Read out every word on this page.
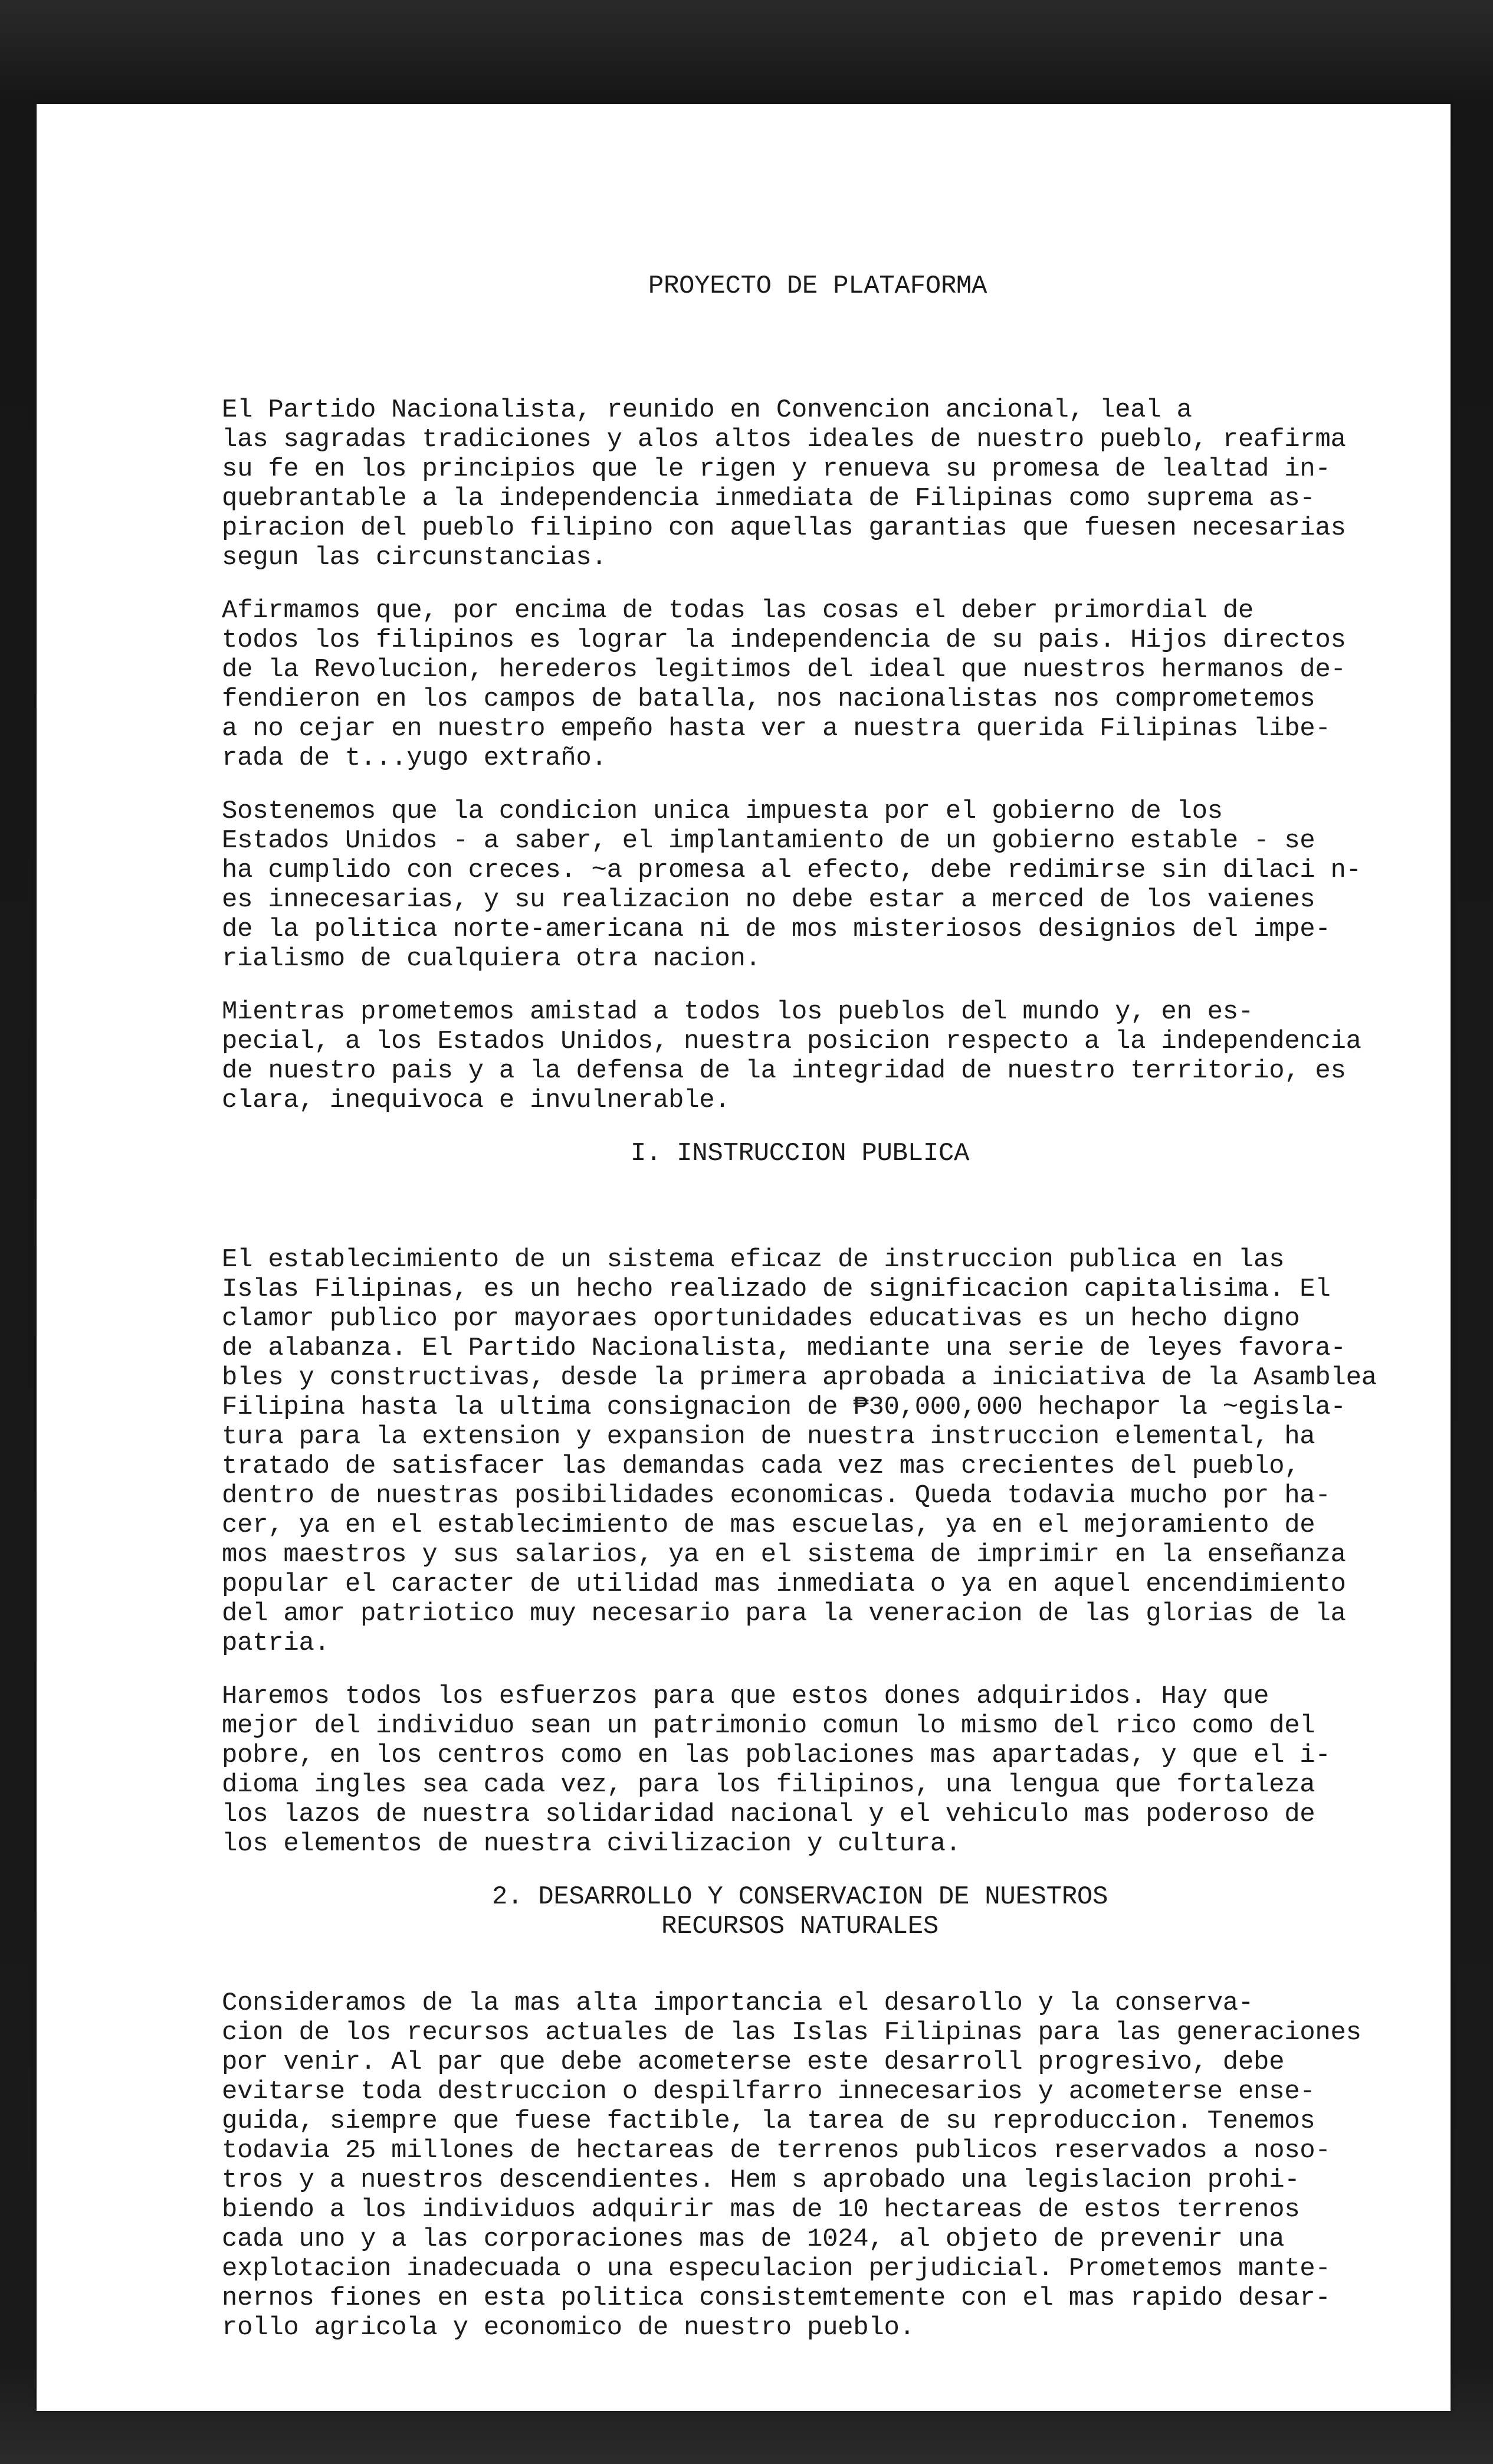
PROYECTO DE PLATAFORMA

El Partido Nacionalista, reunido en Convencion ancional, leal a
las sagradas tradiciones y alos altos ideales de nuestro pueblo, reafirma
su fe en los principios que le rigen y renueva su promesa de lealtad in-
quebrantable a la independencia inmediata de Filipinas como suprema as-
piracion del pueblo filipino con aquellas garantias que fuesen necesarias
segun las circunstancias.

Afirmamos que, por encima de todas las cosas el deber primordial de
todos los filipinos es lograr la independencia de su pais. Hijos directos
de la Revolucion, herederos legitimos del ideal que nuestros hermanos de-
fendieron en los campos de batalla, nos nacionalistas nos comprometemos
a no cejar en nuestro empeño hasta ver a nuestra querida Filipinas libe-
rada de t...yugo extraño.

Sostenemos que la condicion unica impuesta por el gobierno de los
Estados Unidos - a saber, el implantamiento de un gobierno estable - se
ha cumplido con creces. ~a promesa al efecto, debe redimirse sin dilaci n-
es innecesarias, y su realizacion no debe estar a merced de los vaienes
de la politica norte-americana ni de mos misteriosos designios del impe-
rialismo de cualquiera otra nacion.

Mientras prometemos amistad a todos los pueblos del mundo y, en es-
pecial, a los Estados Unidos, nuestra posicion respecto a la independencia
de nuestro pais y a la defensa de la integridad de nuestro territorio, es
clara, inequivoca e invulnerable.

I. INSTRUCCION PUBLICA

El establecimiento de un sistema eficaz de instruccion publica en las
Islas Filipinas, es un hecho realizado de significacion capitalisima. El
clamor publico por mayoraes oportunidades educativas es un hecho digno
de alabanza. El Partido Nacionalista, mediante una serie de leyes favora-
bles y constructivas, desde la primera aprobada a iniciativa de la Asamblea
Filipina hasta la ultima consignacion de ₱30,000,000 hechapor la ~egisla-
tura para la extension y expansion de nuestra instruccion elemental, ha
tratado de satisfacer las demandas cada vez mas crecientes del pueblo,
dentro de nuestras posibilidades economicas. Queda todavia mucho por ha-
cer, ya en el establecimiento de mas escuelas, ya en el mejoramiento de
mos maestros y sus salarios, ya en el sistema de imprimir en la enseñanza
popular el caracter de utilidad mas inmediata o ya en aquel encendimiento
del amor patriotico muy necesario para la veneracion de las glorias de la
patria.

Haremos todos los esfuerzos para que estos dones adquiridos. Hay que
mejor del individuo sean un patrimonio comun lo mismo del rico como del
pobre, en los centros como en las poblaciones mas apartadas, y que el i-
dioma ingles sea cada vez, para los filipinos, una lengua que fortaleza
los lazos de nuestra solidaridad nacional y el vehiculo mas poderoso de
los elementos de nuestra civilizacion y cultura.

2. DESARROLLO Y CONSERVACION DE NUESTROS
RECURSOS NATURALES

Consideramos de la mas alta importancia el desarollo y la conserva-
cion de los recursos actuales de las Islas Filipinas para las generaciones
por venir. Al par que debe acometerse este desarroll progresivo, debe
evitarse toda destruccion o despilfarro innecesarios y acometerse ense-
guida, siempre que fuese factible, la tarea de su reproduccion. Tenemos
todavia 25 millones de hectareas de terrenos publicos reservados a noso-
tros y a nuestros descendientes. Hem s aprobado una legislacion prohi-
biendo a los individuos adquirir mas de 10 hectareas de estos terrenos
cada uno y a las corporaciones mas de 1024, al objeto de prevenir una
explotacion inadecuada o una especulacion perjudicial. Prometemos mante-
nernos fiones en esta politica consistemtemente con el mas rapido desar-
rollo agricola y economico de nuestro pueblo.
